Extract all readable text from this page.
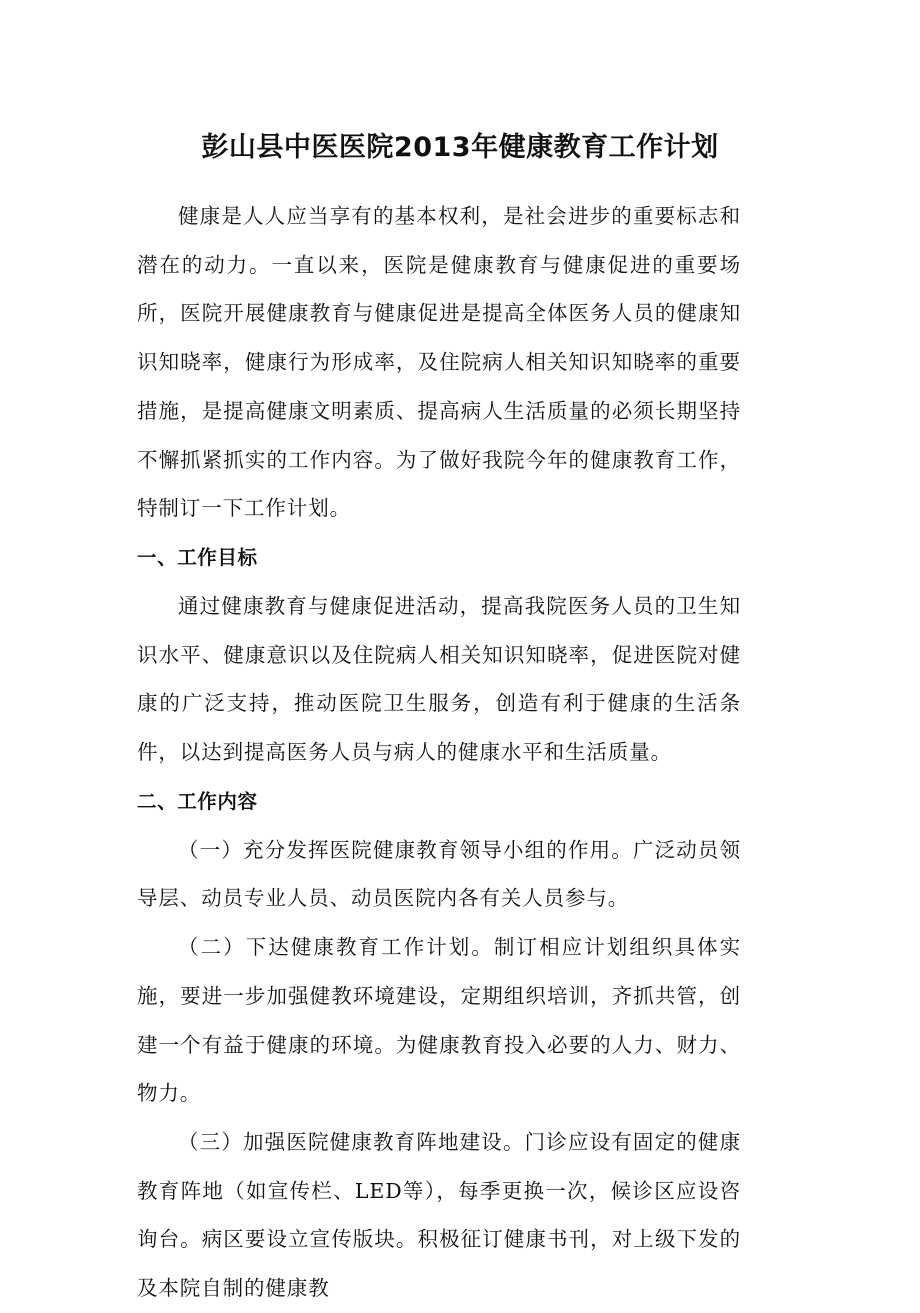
彭山县中医医院2013年健康教育工作计划

健康是人人应当享有的基本权利，是社会进步的重要标志和潜在的动力。一直以来，医院是健康教育与健康促进的重要场所，医院开展健康教育与健康促进是提高全体医务人员的健康知识知晓率，健康行为形成率，及住院病人相关知识知晓率的重要措施，是提高健康文明素质、提高病人生活质量的必须长期坚持不懈抓紧抓实的工作内容。为了做好我院今年的健康教育工作，特制订一下工作计划。

一、工作目标

通过健康教育与健康促进活动，提高我院医务人员的卫生知识水平、健康意识以及住院病人相关知识知晓率，促进医院对健康的广泛支持，推动医院卫生服务，创造有利于健康的生活条件，以达到提高医务人员与病人的健康水平和生活质量。

二、工作内容

（一）充分发挥医院健康教育领导小组的作用。广泛动员领导层、动员专业人员、动员医院内各有关人员参与。

（二）下达健康教育工作计划。制订相应计划组织具体实施，要进一步加强健教环境建设，定期组织培训，齐抓共管，创建一个有益于健康的环境。为健康教育投入必要的人力、财力、物力。

（三）加强医院健康教育阵地建设。门诊应设有固定的健康教育阵地（如宣传栏、LED等），每季更换一次，候诊区应设咨询台。病区要设立宣传版块。积极征订健康书刊，对上级下发的及本院自制的健康教
